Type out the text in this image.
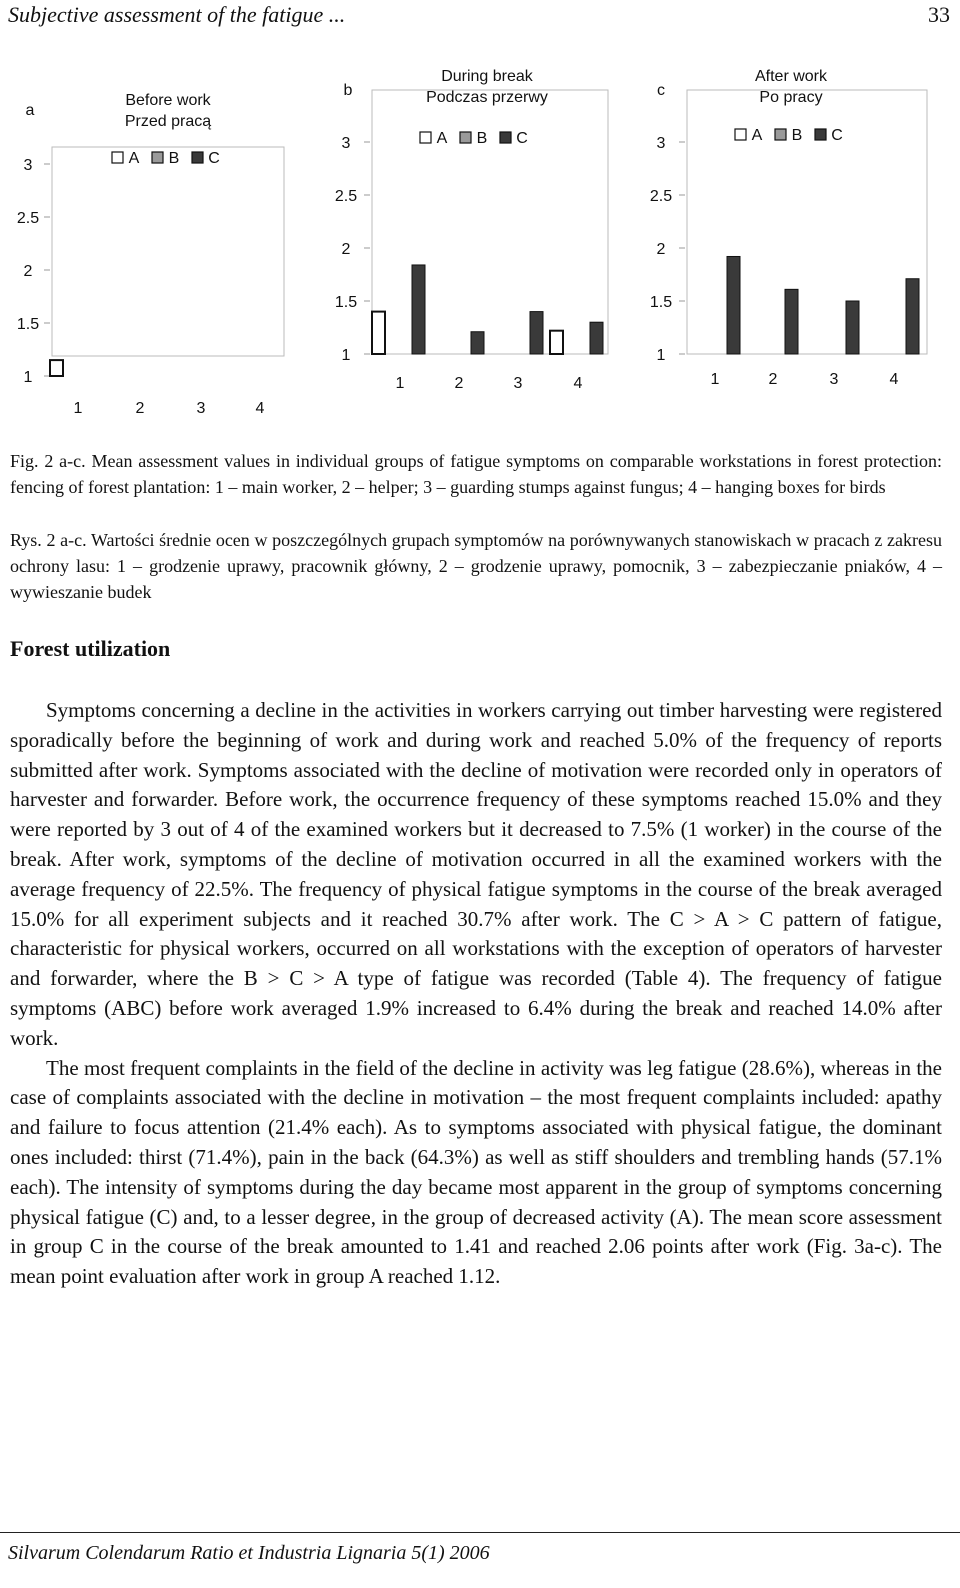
Subjective assessment of the fatigue ...	33
a
Before work
Przed pracą
1
1.5
2
2.5
3	A B C
1	2	3	4
b
During break
Podczas przerwy
1
1.5
2
2.5
3	A B C
1	2	3	4
c
After work
Po pracy
1
1.5
2
2.5
3	A B C
1	2	3	4
Fig. 2 a-c. Mean assessment values in individual groups of fatigue symptoms on comparable workstations in forest protection: fencing of forest plantation: 1 – main worker, 2 – helper; 3 – guarding stumps against fungus; 4 – hanging boxes for birds
Rys. 2 a-c. Wartości średnie ocen w poszczególnych grupach symptomów na porównywanych stanowiskach w pracach z zakresu ochrony lasu: 1 – grodzenie uprawy, pracownik główny, 2 – grodzenie uprawy, pomocnik, 3 – zabezpieczanie pniaków, 4 – wywieszanie budek
Forest utilization

Symptoms concerning a decline in the activities in workers carrying out timber harvesting were registered sporadically before the beginning of work and during work and reached 5.0% of the frequency of reports submitted after work. Symptoms associated with the decline of motivation were recorded only in operators of harvester and forwarder. Before work, the occurrence frequency of these symptoms reached 15.0% and they were reported by 3 out of 4 of the examined workers but it decreased to 7.5% (1 worker) in the course of the break. After work, symptoms of the decline of motivation occurred in all the examined workers with the average frequency of 22.5%. The frequency of physical fatigue symptoms in the course of the break averaged 15.0% for all experiment subjects and it reached 30.7% after work. The C > A > C pattern of fatigue, characteristic for physical workers, occurred on all workstations with the exception of operators of harvester and forwarder, where the B > C > A type of fatigue was recorded (Table 4). The frequency of fatigue symptoms (ABC) before work averaged 1.9% increased to 6.4% during the break and reached 14.0% after work.

The most frequent complaints in the field of the decline in activity was leg fatigue (28.6%), whereas in the case of complaints associated with the decline in motivation – the most frequent complaints included: apathy and failure to focus attention (21.4% each). As to symptoms associated with physical fatigue, the dominant ones included: thirst (71.4%), pain in the back (64.3%) as well as stiff shoulders and trembling hands (57.1% each). The intensity of symptoms during the day became most apparent in the group of symptoms concerning physical fatigue (C) and, to a lesser degree, in the group of decreased activity (A). The mean score assessment in group C in the course of the break amounted to 1.41 and reached 2.06 points after work (Fig. 3a-c). The mean point evaluation after work in group A reached 1.12.

Silvarum Colendarum Ratio et Industria Lignaria 5(1) 2006
